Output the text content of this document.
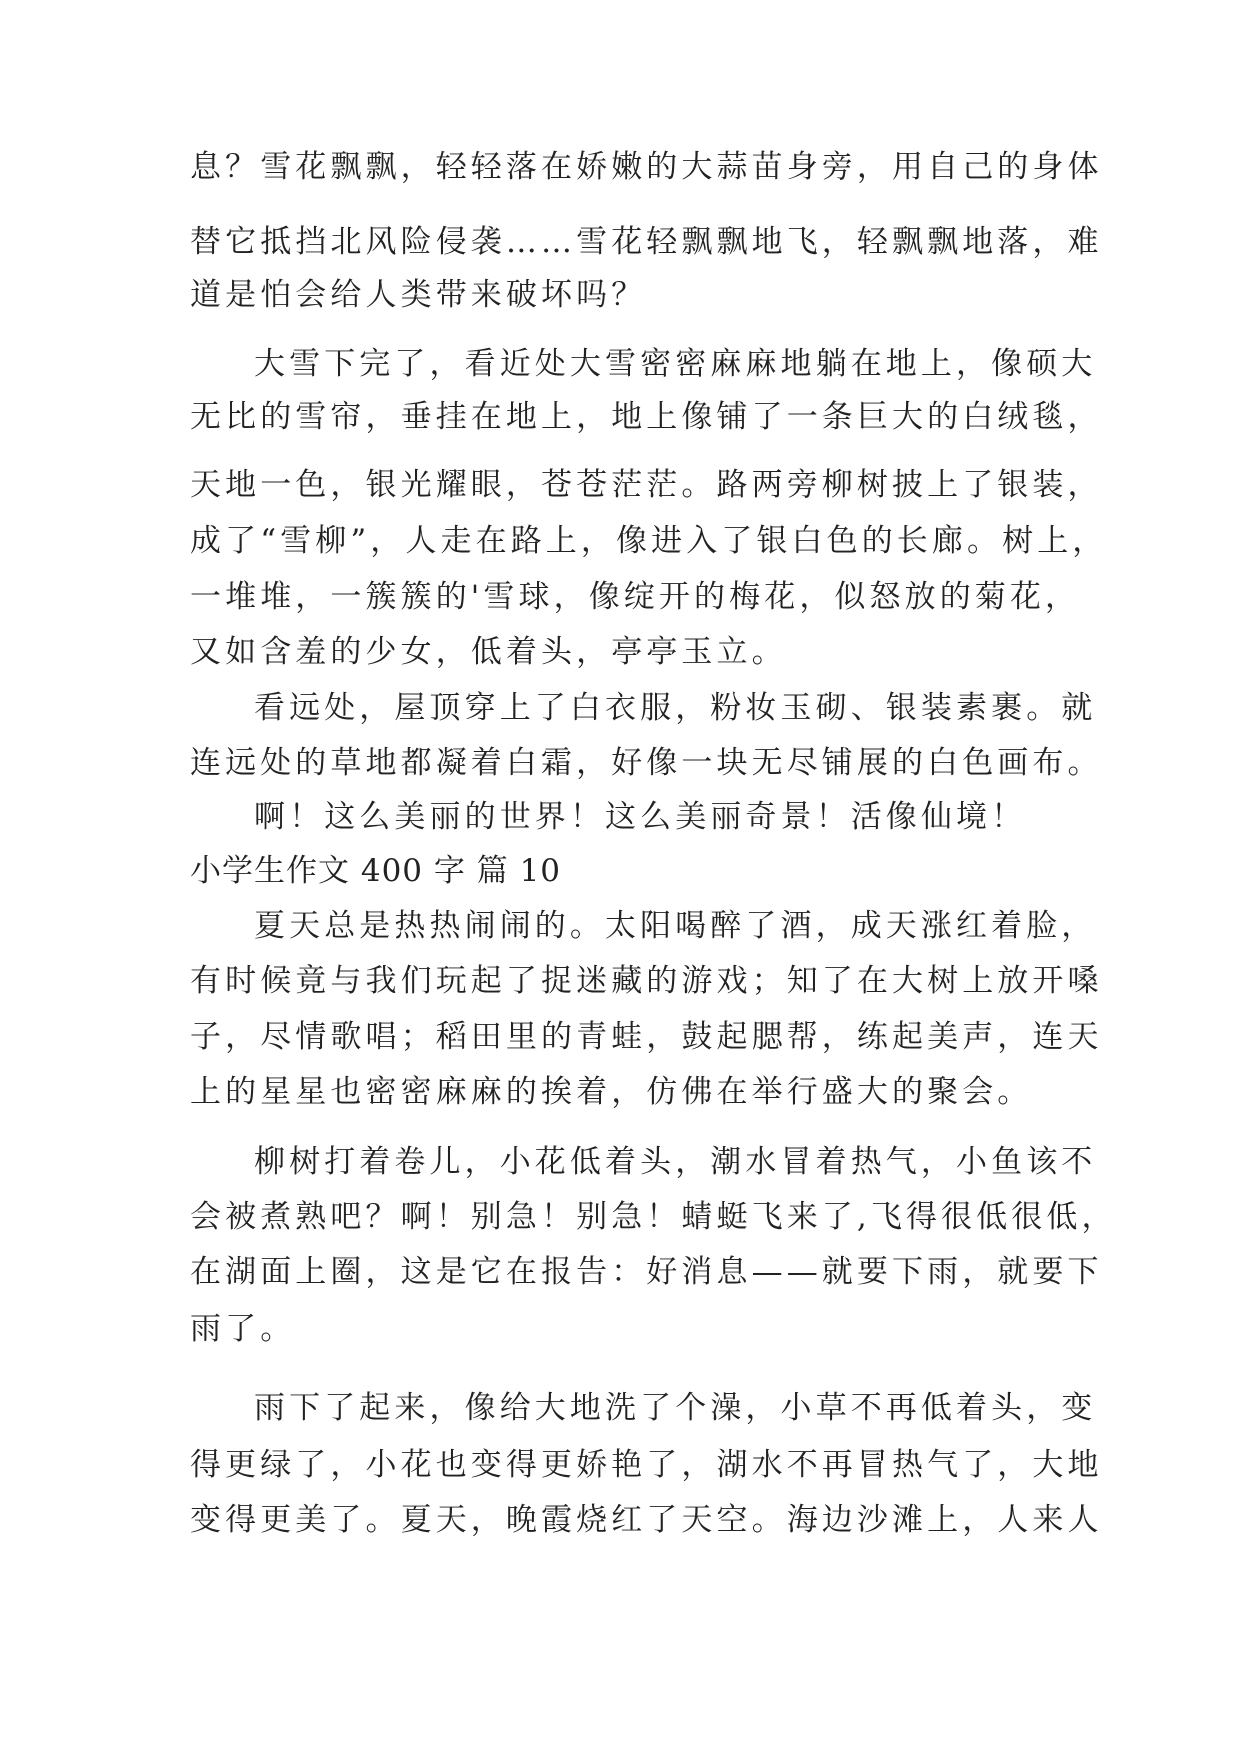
息？雪花飘飘，轻轻落在娇嫩的大蒜苗身旁，用自己的身体
替它抵挡北风险侵袭……雪花轻飘飘地飞，轻飘飘地落，难
道是怕会给人类带来破坏吗？
大雪下完了，看近处大雪密密麻麻地躺在地上，像硕大
无比的雪帘，垂挂在地上，地上像铺了一条巨大的白绒毯，
天地一色，银光耀眼，苍苍茫茫。路两旁柳树披上了银装，
成了“雪柳”，人走在路上，像进入了银白色的长廊。树上，
一堆堆，一簇簇的'雪球，像绽开的梅花，似怒放的菊花，
又如含羞的少女，低着头，亭亭玉立。
看远处，屋顶穿上了白衣服，粉妆玉砌、银装素裹。就
连远处的草地都凝着白霜，好像一块无尽铺展的白色画布。
啊！这么美丽的世界！这么美丽奇景！活像仙境！
小学生作文 400 字 篇 10
夏天总是热热闹闹的。太阳喝醉了酒，成天涨红着脸，
有时候竟与我们玩起了捉迷藏的游戏；知了在大树上放开嗓
子，尽情歌唱；稻田里的青蛙，鼓起腮帮，练起美声，连天
上的星星也密密麻麻的挨着，仿佛在举行盛大的聚会。
柳树打着卷儿，小花低着头，潮水冒着热气，小鱼该不
会被煮熟吧？啊！别急！别急！蜻蜓飞来了,飞得很低很低，
在湖面上圈，这是它在报告：好消息——就要下雨，就要下
雨了。
雨下了起来，像给大地洗了个澡，小草不再低着头，变
得更绿了，小花也变得更娇艳了，湖水不再冒热气了，大地
变得更美了。夏天，晚霞烧红了天空。海边沙滩上，人来人
